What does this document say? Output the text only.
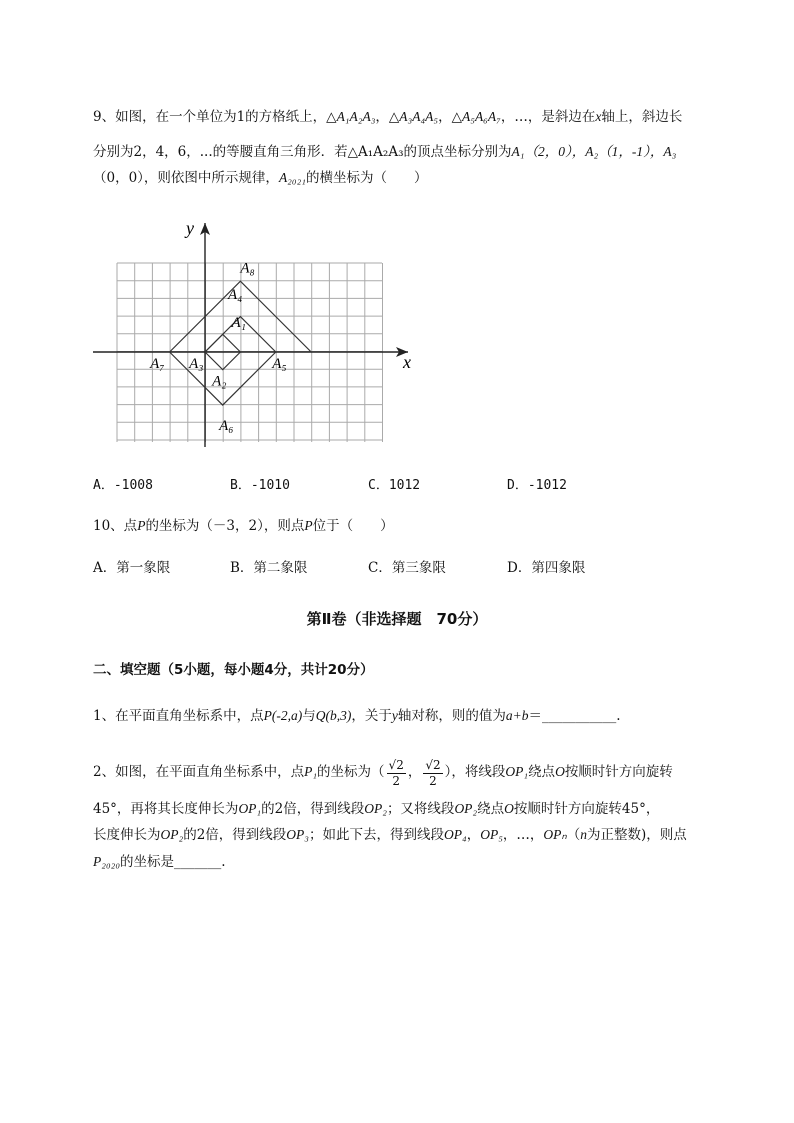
9、如图，在一个单位为1的方格纸上，△A₁A₂A₃，△A₃A₄A₅，△A₅A₆A₇，…，是斜边在x轴上，斜边长
分别为2，4，6，...的等腰直角三角形．若△A₁A₂A₃的顶点坐标分别为A₁（2，0），A₂（1，-1），A₃
（0，0），则依图中所示规律，A₂₀₂₁的横坐标为（　　）
x
y
A₈
A₄
A₁
A₇ A₃
A₂
A₅
A₆
A．-1008	B．-1010	C．1012	D．-1012
10、点P的坐标为（－3，2），则点P位于（　　）
A．第一象限	B．第二象限	C．第三象限	D．第四象限
第Ⅱ卷（非选择题　70分）
二、填空题（5小题，每小题4分，共计20分）
1、在平面直角坐标系中，点P(-2,a)与Q(b,3)，关于y轴对称，则的值为a+b＝___________.
2、如图，在平面直角坐标系中，点P₁的坐标为（ $\frac{√2}{2}$ ， $\frac{√2}{2}$ ），将线段OP₁绕点O按顺时针方向旋转
45°，再将其长度伸长为OP₁的2倍，得到线段OP₂；又将线段OP₂绕点O按顺时针方向旋转45°，
长度伸长为OP₂的2倍，得到线段OP₃；如此下去，得到线段OP₄，OP₅，…，OPₙ（n为正整数)，则点
P₂₀₂₀的坐标是_______.
